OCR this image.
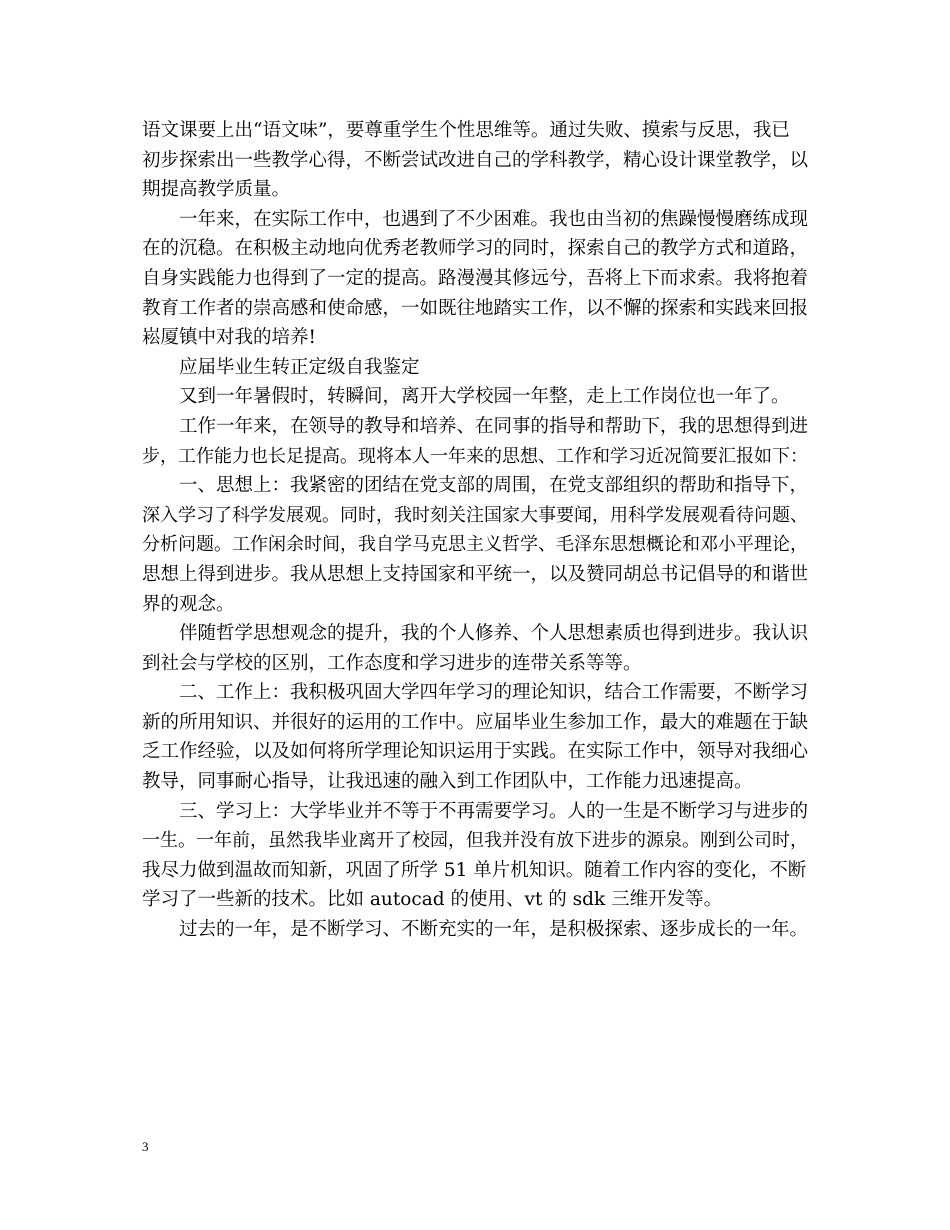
语文课要上出“语文味”，要尊重学生个性思维等。通过失败、摸索与反思，我已
初步探索出一些教学心得，不断尝试改进自己的学科教学，精心设计课堂教学，以
期提高教学质量。
一年来，在实际工作中，也遇到了不少困难。我也由当初的焦躁慢慢磨练成现
在的沉稳。在积极主动地向优秀老教师学习的同时，探索自己的教学方式和道路，
自身实践能力也得到了一定的提高。路漫漫其修远兮，吾将上下而求索。我将抱着
教育工作者的崇高感和使命感，一如既往地踏实工作，以不懈的探索和实践来回报
崧厦镇中对我的培养!
应届毕业生转正定级自我鉴定
又到一年暑假时，转瞬间，离开大学校园一年整，走上工作岗位也一年了。
工作一年来，在领导的教导和培养、在同事的指导和帮助下，我的思想得到进
步，工作能力也长足提高。现将本人一年来的思想、工作和学习近况简要汇报如下：
一、思想上：我紧密的团结在党支部的周围，在党支部组织的帮助和指导下，
深入学习了科学发展观。同时，我时刻关注国家大事要闻，用科学发展观看待问题、
分析问题。工作闲余时间，我自学马克思主义哲学、毛泽东思想概论和邓小平理论，
思想上得到进步。我从思想上支持国家和平统一，以及赞同胡总书记倡导的和谐世
界的观念。
伴随哲学思想观念的提升，我的个人修养、个人思想素质也得到进步。我认识
到社会与学校的区别，工作态度和学习进步的连带关系等等。
二、工作上：我积极巩固大学四年学习的理论知识，结合工作需要，不断学习
新的所用知识、并很好的运用的工作中。应届毕业生参加工作，最大的难题在于缺
乏工作经验，以及如何将所学理论知识运用于实践。在实际工作中，领导对我细心
教导，同事耐心指导，让我迅速的融入到工作团队中，工作能力迅速提高。
三、学习上：大学毕业并不等于不再需要学习。人的一生是不断学习与进步的
一生。一年前，虽然我毕业离开了校园，但我并没有放下进步的源泉。刚到公司时，
我尽力做到温故而知新，巩固了所学 51 单片机知识。随着工作内容的变化，不断
学习了一些新的技术。比如 autocad 的使用、vt 的 sdk 三维开发等。
过去的一年，是不断学习、不断充实的一年，是积极探索、逐步成长的一年。
3
